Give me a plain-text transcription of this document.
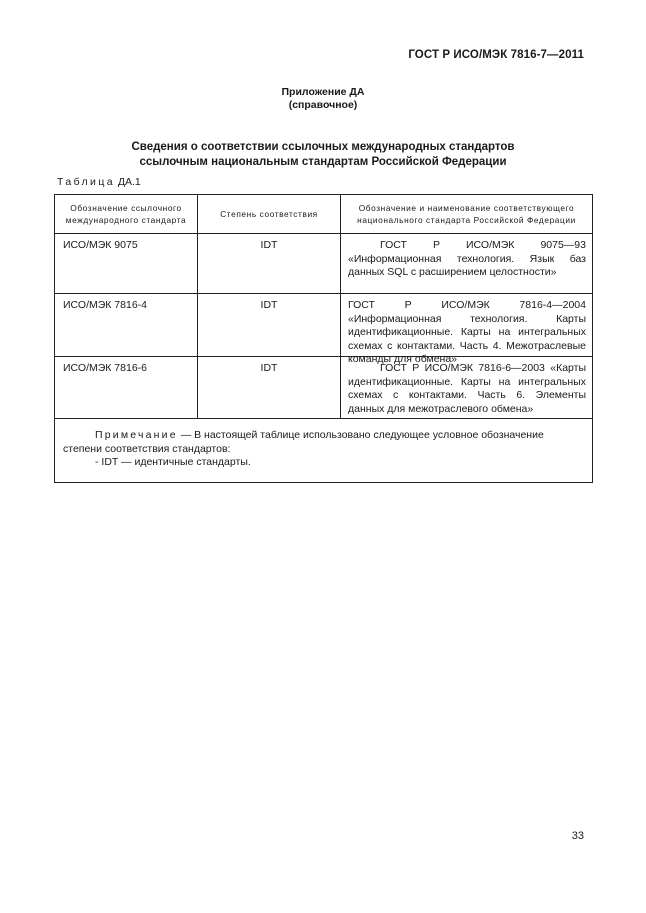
ГОСТ Р ИСО/МЭК 7816-7—2011
Приложение ДА
(справочное)
Сведения о соответствии ссылочных международных стандартов
ссылочным национальным стандартам Российской Федерации
Таблица ДА.1
Обозначение ссылочного международного стандарта	Степень соответствия	Обозначение и наименование соответствующего национального стандарта Российской Федерации

ИСО/МЭК 9075	IDT	ГОСТ Р ИСО/МЭК 9075—93 «Информационная технология. Язык баз данных SQL с расширением целостности»

ИСО/МЭК 7816-4	IDT	ГОСТ Р ИСО/МЭК 7816-4—2004 «Информационная технология. Карты идентификационные. Карты на интегральных схемах с контактами. Часть 4. Межотраслевые команды для обмена»

ИСО/МЭК 7816-6	IDT	ГОСТ Р ИСО/МЭК 7816-6—2003 «Карты идентификационные. Карты на интегральных схемах с контактами. Часть 6. Элементы данных для межотраслевого обмена»

Примечание — В настоящей таблице использовано следующее условное обозначение степени соответствия стандартов:
- IDT — идентичные стандарты.		
33
